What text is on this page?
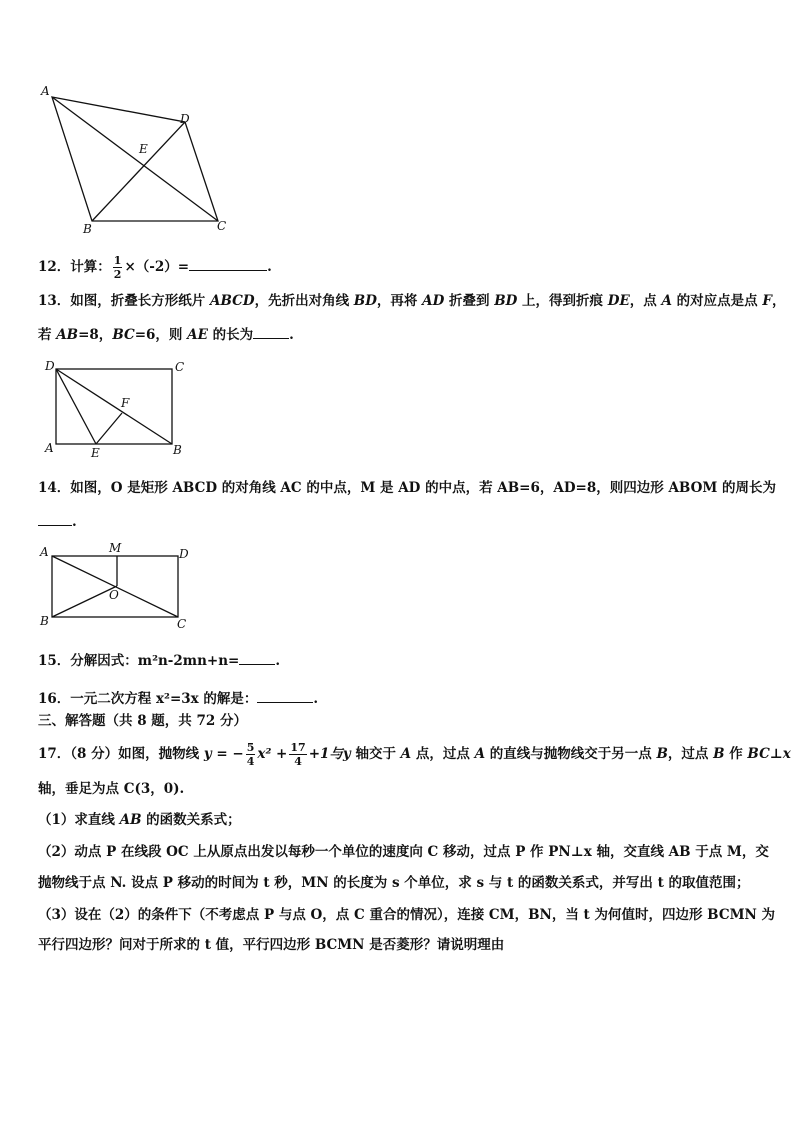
A
D
E
B	C
12．计算： $\frac{1}{2} \times(-2)=$	.
13．如图，折叠长方形纸片 ABCD，先折出对角线 BD，再将 AD 折叠到 BD 上，得到折痕 DE，点 A 的对应点是点 F，
若 AB=8，BC=6，则 AE 的长为	.
D	C
F
A	E	B
14．如图，O 是矩形 ABCD 的对角线 AC 的中点，M 是 AD 的中点，若 AB=6，AD=8，则四边形 ABOM 的周长为
.
A	M	D
O
B	C
15．分解因式：m²n-2mn+n=	.
16．一元二次方程 x²=3x 的解是：	.
三、解答题（共 8 题，共 72 分）
17．（8 分）如图，抛物线 y = − $\frac{5}{4} x^2 + \frac{17}{4} +1$与y 轴交于 A 点，过点 A 的直线与抛物线交于另一点 B，过点 B 作 BC⊥x
轴，垂足为点 C(3，0).
（1）求直线 AB 的函数关系式；
（2）动点 P 在线段 OC 上从原点出发以每秒一个单位的速度向 C 移动，过点 P 作 PN⊥x 轴，交直线 AB 于点 M，交
抛物线于点 N. 设点 P 移动的时间为 t 秒，MN 的长度为 s 个单位，求 s 与 t 的函数关系式，并写出 t 的取值范围；
（3）设在（2）的条件下（不考虑点 P 与点 O，点 C 重合的情况），连接 CM，BN，当 t 为何值时，四边形 BCMN 为
平行四边形？问对于所求的 t 值，平行四边形 BCMN 是否菱形？请说明理由
